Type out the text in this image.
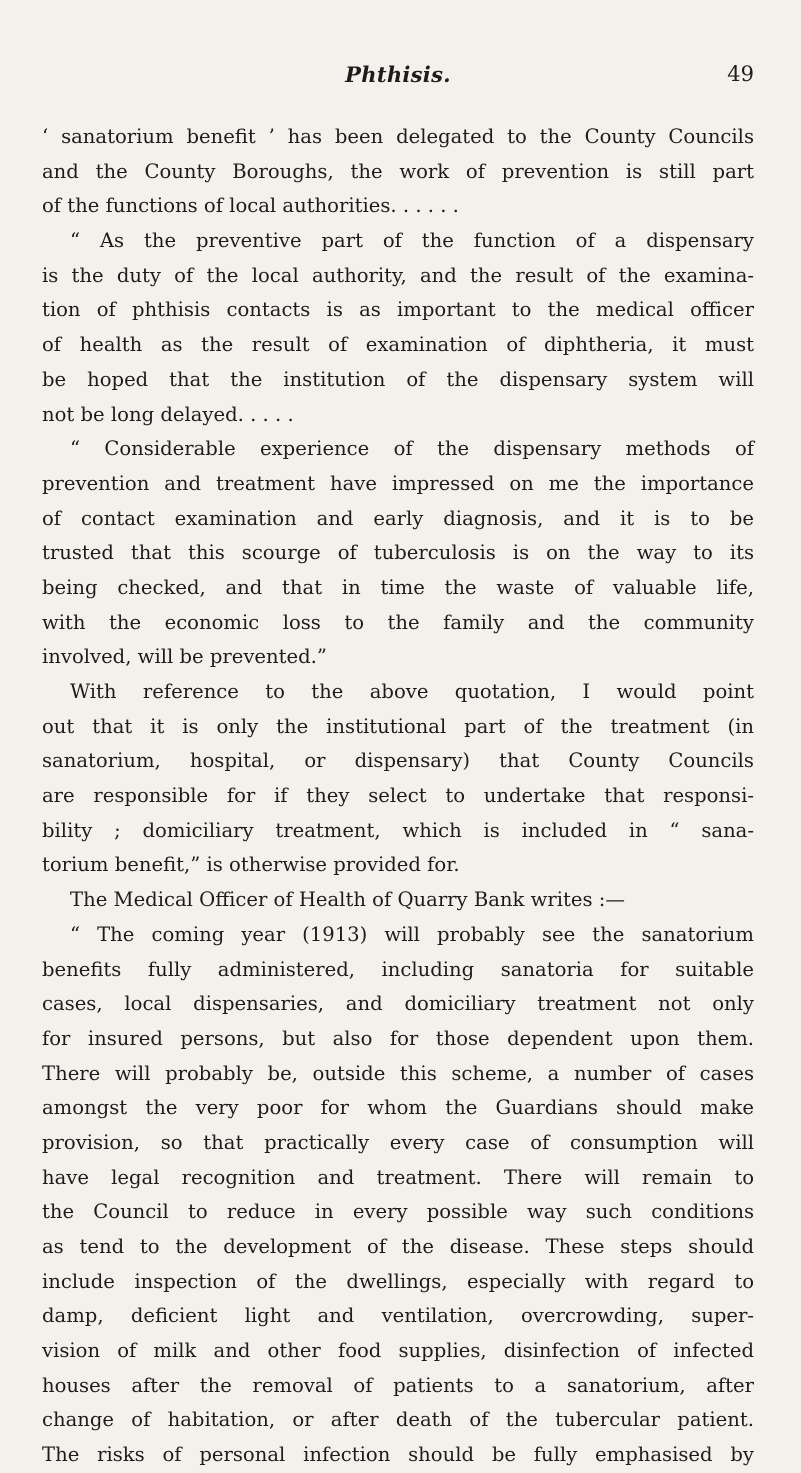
Phthisis.	49
‘ sanatorium benefit ’ has been delegated to the County Councils
and the County Boroughs, the work of prevention is still part
of the functions of local authorities. . . . . .
“ As the preventive part of the function of a dispensary
is the duty of the local authority, and the result of the examina-
tion of phthisis contacts is as important to the medical officer
of health as the result of examination of diphtheria, it must
be hoped that the institution of the dispensary system will
not be long delayed. . . . .
“ Considerable experience of the dispensary methods of
prevention and treatment have impressed on me the importance
of contact examination and early diagnosis, and it is to be
trusted that this scourge of tuberculosis is on the way to its
being checked, and that in time the waste of valuable life,
with the economic loss to the family and the community
involved, will be prevented.”
With reference to the above quotation, I would point
out that it is only the institutional part of the treatment (in
sanatorium, hospital, or dispensary) that County Councils
are responsible for if they select to undertake that responsi-
bility ; domiciliary treatment, which is included in “ sana-
torium benefit,” is otherwise provided for.
The Medical Officer of Health of Quarry Bank writes :—
“ The coming year (1913) will probably see the sanatorium
benefits fully administered, including sanatoria for suitable
cases, local dispensaries, and domiciliary treatment not only
for insured persons, but also for those dependent upon them.
There will probably be, outside this scheme, a number of cases
amongst the very poor for whom the Guardians should make
provision, so that practically every case of consumption will
have legal recognition and treatment. There will remain to
the Council to reduce in every possible way such conditions
as tend to the development of the disease. These steps should
include inspection of the dwellings, especially with regard to
damp, deficient light and ventilation, overcrowding, super-
vision of milk and other food supplies, disinfection of infected
houses after the removal of patients to a sanatorium, after
change of habitation, or after death of the tubercular patient.
The risks of personal infection should be fully emphasised by
